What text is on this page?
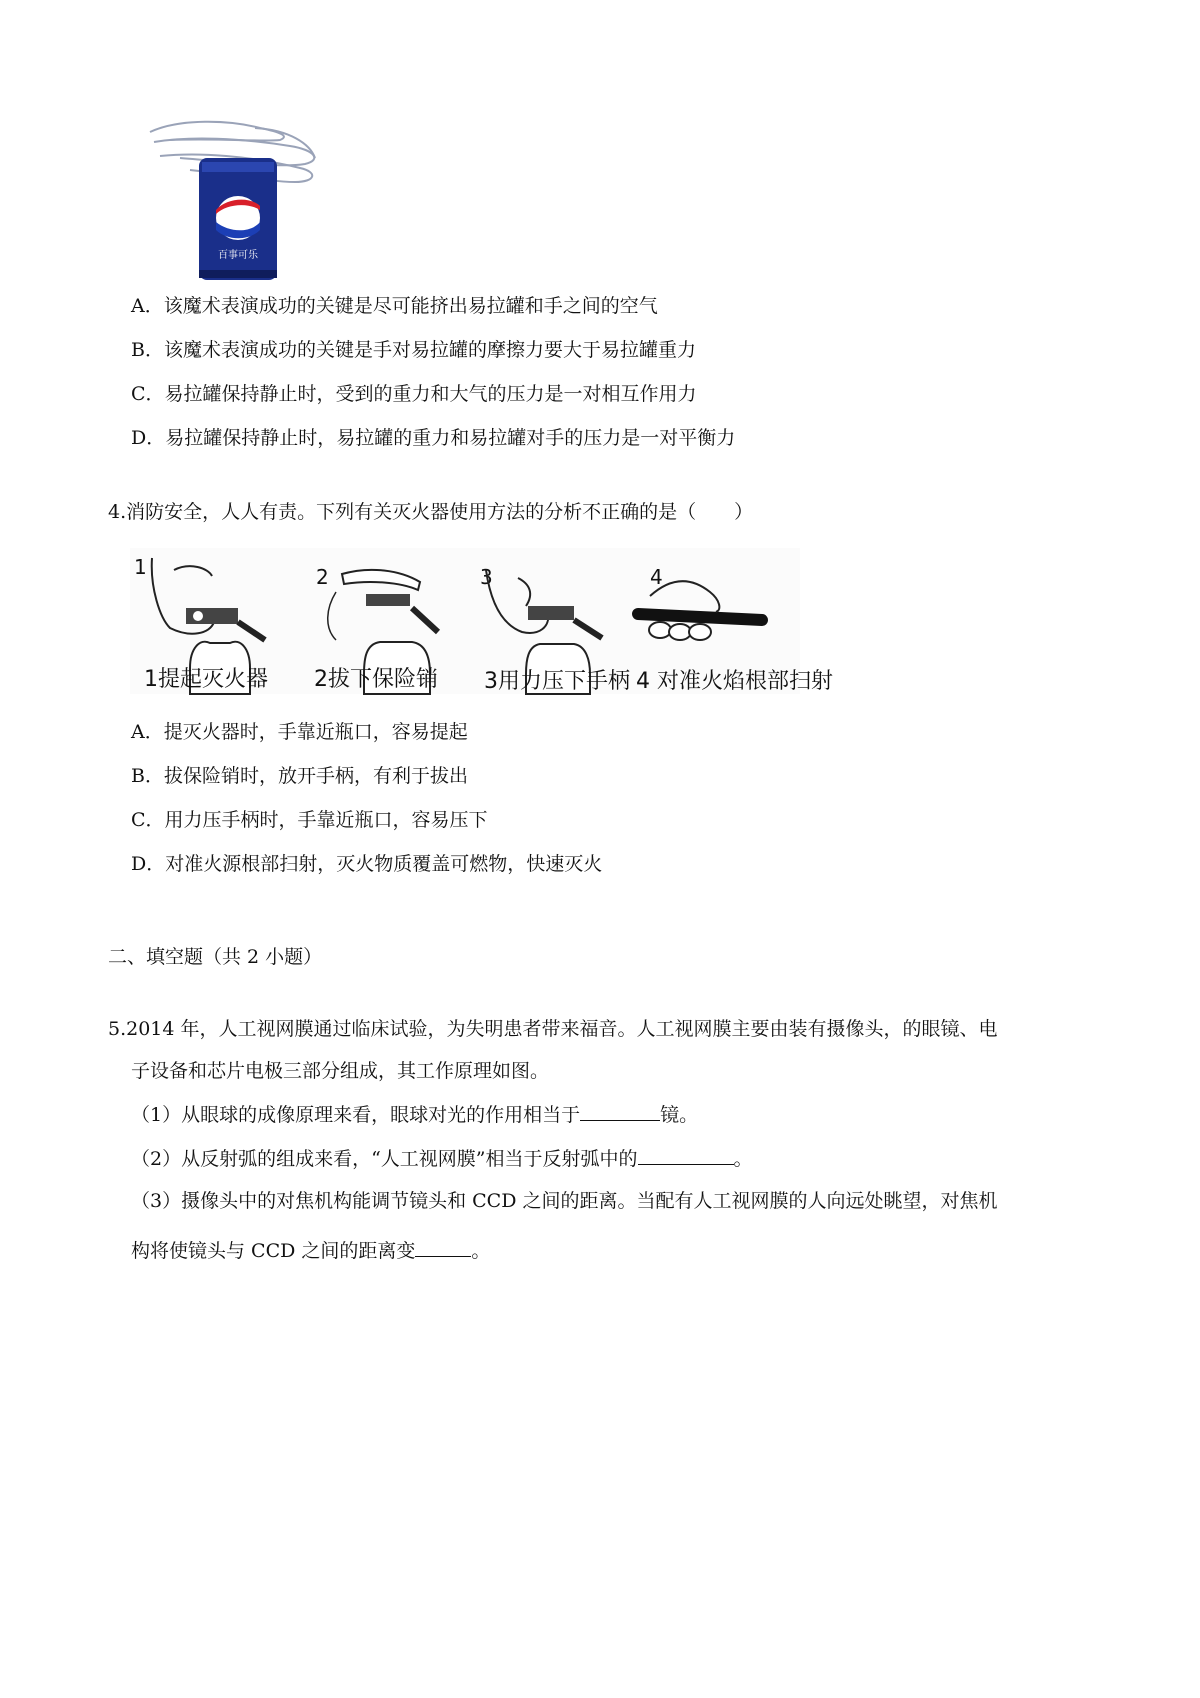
百事可乐
A．该魔术表演成功的关键是尽可能挤出易拉罐和手之间的空气
B．该魔术表演成功的关键是手对易拉罐的摩擦力要大于易拉罐重力
C．易拉罐保持静止时，受到的重力和大气的压力是一对相互作用力
D．易拉罐保持静止时，易拉罐的重力和易拉罐对手的压力是一对平衡力
4.消防安全，人人有责。下列有关灭火器使用方法的分析不正确的是（　　）
1
1提起灭火器
2
2拔下保险销
3
3用力压下手柄
4
4 对准火焰根部扫射
A．提灭火器时，手靠近瓶口，容易提起
B．拔保险销时，放开手柄，有利于拔出
C．用力压手柄时，手靠近瓶口，容易压下
D．对准火源根部扫射，灭火物质覆盖可燃物，快速灭火
二、填空题（共 2 小题）
5.2014 年，人工视网膜通过临床试验，为失明患者带来福音。人工视网膜主要由装有摄像头，的眼镜、电
子设备和芯片电极三部分组成，其工作原理如图。
（1）从眼球的成像原理来看，眼球对光的作用相当于	镜。
（2）从反射弧的组成来看，“人工视网膜”相当于反射弧中的	。
（3）摄像头中的对焦机构能调节镜头和 CCD 之间的距离。当配有人工视网膜的人向远处眺望，对焦机
构将使镜头与 CCD 之间的距离变	。
